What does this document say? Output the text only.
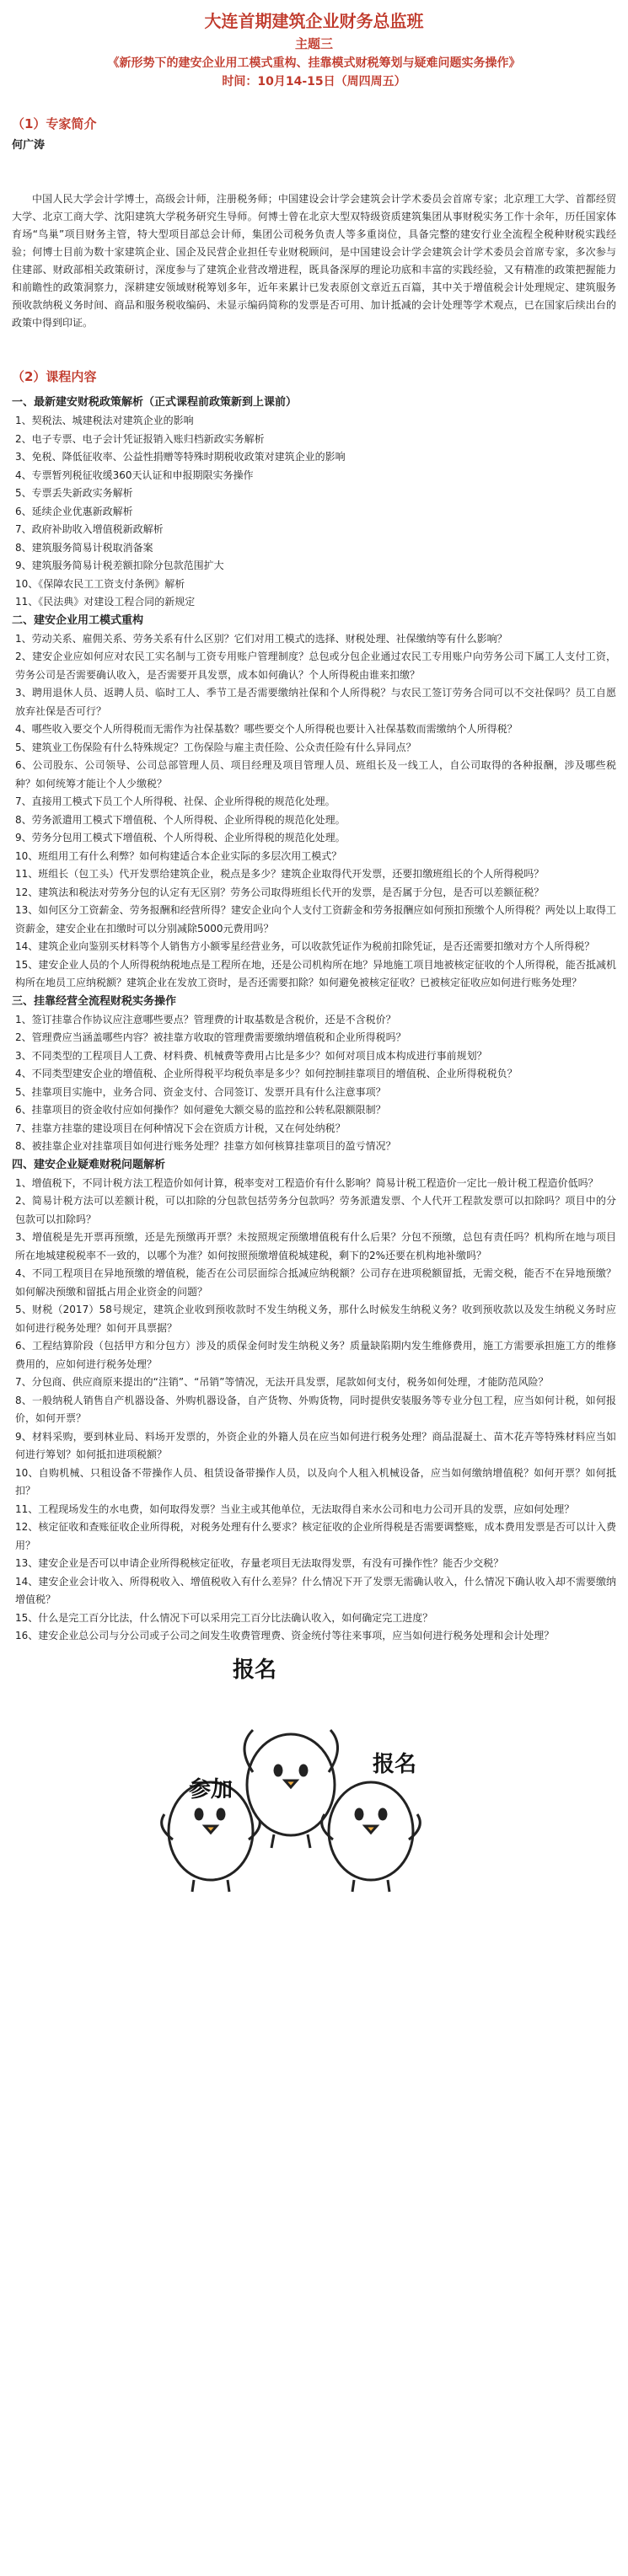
大连首期建筑企业财务总监班
主题三
《新形势下的建安企业用工模式重构、挂靠模式财税筹划与疑难问题实务操作》
时间：10月14-15日（周四周五）
（1）专家简介
何广涛
中国人民大学会计学博士，高级会计师，注册税务师；中国建设会计学会建筑会计学术委员会首席专家；北京理工大学、首都经贸大学、北京工商大学、沈阳建筑大学税务研究生导师。何博士曾在北京大型双特级资质建筑集团从事财税实务工作十余年，历任国家体育场“鸟巢”项目财务主管，特大型项目部总会计师，集团公司税务负责人等多重岗位，具备完整的建安行业全流程全税种财税实践经验；何博士目前为数十家建筑企业、国企及民营企业担任专业财税顾问，是中国建设会计学会建筑会计学术委员会首席专家，多次参与住建部、财政部相关政策研讨，深度参与了建筑企业营改增进程，既具备深厚的理论功底和丰富的实践经验，又有精准的政策把握能力和前瞻性的政策洞察力，深耕建安领域财税筹划多年，近年来累计已发表原创文章近五百篇，其中关于增值税会计处理规定、建筑服务预收款纳税义务时间、商品和服务税收编码、未显示编码简称的发票是否可用、加计抵减的会计处理等学术观点，已在国家后续出台的政策中得到印证。
（2）课程内容
一、最新建安财税政策解析（正式课程前政策新到上课前）
1、契税法、城建税法对建筑企业的影响
2、电子专票、电子会计凭证报销入账归档新政实务解析
3、免税、降低征收率、公益性捐赠等特殊时期税收政策对建筑企业的影响
4、专票暂列税征收缓360天认证和申报期限实务操作
5、专票丢失新政实务解析
6、延续企业优惠新政解析
7、政府补助收入增值税新政解析
8、建筑服务简易计税取消备案
9、建筑服务简易计税差额扣除分包款范围扩大
10、《保障农民工工资支付条例》解析
11、《民法典》对建设工程合同的新规定
二、建安企业用工模式重构
1、劳动关系、雇佣关系、劳务关系有什么区别？它们对用工模式的选择、财税处理、社保缴纳等有什么影响？
2、建安企业应如何应对农民工实名制与工资专用账户管理制度？总包或分包企业通过农民工专用账户向劳务公司下属工人支付工资，劳务公司是否需要确认收入，是否需要开具发票，成本如何确认？个人所得税由谁来扣缴？
3、聘用退休人员、返聘人员、临时工人、季节工是否需要缴纳社保和个人所得税？与农民工签订劳务合同可以不交社保吗？员工自愿放弃社保是否可行？
4、哪些收入要交个人所得税而无需作为社保基数？哪些要交个人所得税也要计入社保基数而需缴纳个人所得税？
5、建筑业工伤保险有什么特殊规定？工伤保险与雇主责任险、公众责任险有什么异同点？
6、公司股东、公司领导、公司总部管理人员、项目经理及项目管理人员、班组长及一线工人，自公司取得的各种报酬，涉及哪些税种？如何统筹才能让个人少缴税？
7、直接用工模式下员工个人所得税、社保、企业所得税的规范化处理。
8、劳务派遣用工模式下增值税、个人所得税、企业所得税的规范化处理。
9、劳务分包用工模式下增值税、个人所得税、企业所得税的规范化处理。
10、班组用工有什么利弊？如何构建适合本企业实际的多层次用工模式？
11、班组长（包工头）代开发票给建筑企业，税点是多少？建筑企业取得代开发票，还要扣缴班组长的个人所得税吗？
12、建筑法和税法对劳务分包的认定有无区别？劳务公司取得班组长代开的发票，是否属于分包，是否可以差额征税？
13、如何区分工资薪金、劳务报酬和经营所得？建安企业向个人支付工资薪金和劳务报酬应如何预扣预缴个人所得税？两处以上取得工资薪金，建安企业在扣缴时可以分别减除5000元费用吗？
14、建筑企业向鉴别买材料等个人销售方小额零星经营业务，可以收款凭证作为税前扣除凭证，是否还需要扣缴对方个人所得税？
15、建安企业人员的个人所得税纳税地点是工程所在地，还是公司机构所在地？异地施工项目地被核定征收的个人所得税，能否抵减机构所在地员工应纳税额？建筑企业在发放工资时，是否还需要扣除？如何避免被核定征收？已被核定征收应如何进行账务处理？
三、挂靠经营全流程财税实务操作
1、签订挂靠合作协议应注意哪些要点？管理费的计取基数是含税价，还是不含税价？
2、管理费应当涵盖哪些内容？被挂靠方收取的管理费需要缴纳增值税和企业所得税吗？
3、不同类型的工程项目人工费、材料费、机械费等费用占比是多少？如何对项目成本构成进行事前规划？
4、不同类型建安企业的增值税、企业所得税平均税负率是多少？如何控制挂靠项目的增值税、企业所得税税负？
5、挂靠项目实施中，业务合同、资金支付、合同签订、发票开具有什么注意事项？
6、挂靠项目的资金收付应如何操作？如何避免大额交易的监控和公转私限额限制？
7、挂靠方挂靠的建设项目在何种情况下会在资质方计税，又在何处纳税？
8、被挂靠企业对挂靠项目如何进行账务处理？挂靠方如何核算挂靠项目的盈亏情况？
四、建安企业疑难财税问题解析
1、增值税下，不同计税方法工程造价如何计算，税率变对工程造价有什么影响？简易计税工程造价一定比一般计税工程造价低吗？
2、简易计税方法可以差额计税，可以扣除的分包款包括劳务分包款吗？劳务派遣发票、个人代开工程款发票可以扣除吗？项目中的分包款可以扣除吗？
3、增值税是先开票再预缴，还是先预缴再开票？未按照规定预缴增值税有什么后果？分包不预缴，总包有责任吗？机构所在地与项目所在地城建税税率不一致的，以哪个为准？如何按照预缴增值税城建税，剩下的2%还要在机构地补缴吗？
4、不同工程项目在异地预缴的增值税，能否在公司层面综合抵减应纳税额？公司存在进项税额留抵，无需交税，能否不在异地预缴？如何解决预缴和留抵占用企业资金的问题？
5、财税（2017）58号规定，建筑企业收到预收款时不发生纳税义务，那什么时候发生纳税义务？收到预收款以及发生纳税义务时应如何进行税务处理？如何开具票据？
6、工程结算阶段（包括甲方和分包方）涉及的质保金何时发生纳税义务？质量缺陷期内发生维修费用，施工方需要承担施工方的维修费用的，应如何进行税务处理？
7、分包商、供应商原来提出的“注销”、“吊销”等情况，无法开具发票，尾款如何支付，税务如何处理，才能防范风险？
8、一般纳税人销售自产机器设备、外购机器设备，自产货物、外购货物，同时提供安装服务等专业分包工程，应当如何计税，如何报价，如何开票？
9、材料采购，要到林业局、料场开发票的，外资企业的外籍人员在应当如何进行税务处理？商品混凝土、苗木花卉等特殊材料应当如何进行筹划？如何抵扣进项税额？
10、自购机械、只租设备不带操作人员、租赁设备带操作人员，以及向个人租入机械设备，应当如何缴纳增值税？如何开票？如何抵扣？
11、工程现场发生的水电费，如何取得发票？当业主或其他单位，无法取得自来水公司和电力公司开具的发票，应如何处理？
12、核定征收和查账征收企业所得税，对税务处理有什么要求？核定征收的企业所得税是否需要调整账，成本费用发票是否可以计入费用？
13、建安企业是否可以申请企业所得税核定征收，存量老项目无法取得发票，有没有可操作性？能否少交税？
14、建安企业会计收入、所得税收入、增值税收入有什么差异？什么情况下开了发票无需确认收入，什么情况下确认收入却不需要缴纳增值税？
15、什么是完工百分比法，什么情况下可以采用完工百分比法确认收入，如何确定完工进度？
16、建安企业总公司与分公司或子公司之间发生收费管理费、资金统付等往来事项，应当如何进行税务处理和会计处理？
报名
参加
报名
